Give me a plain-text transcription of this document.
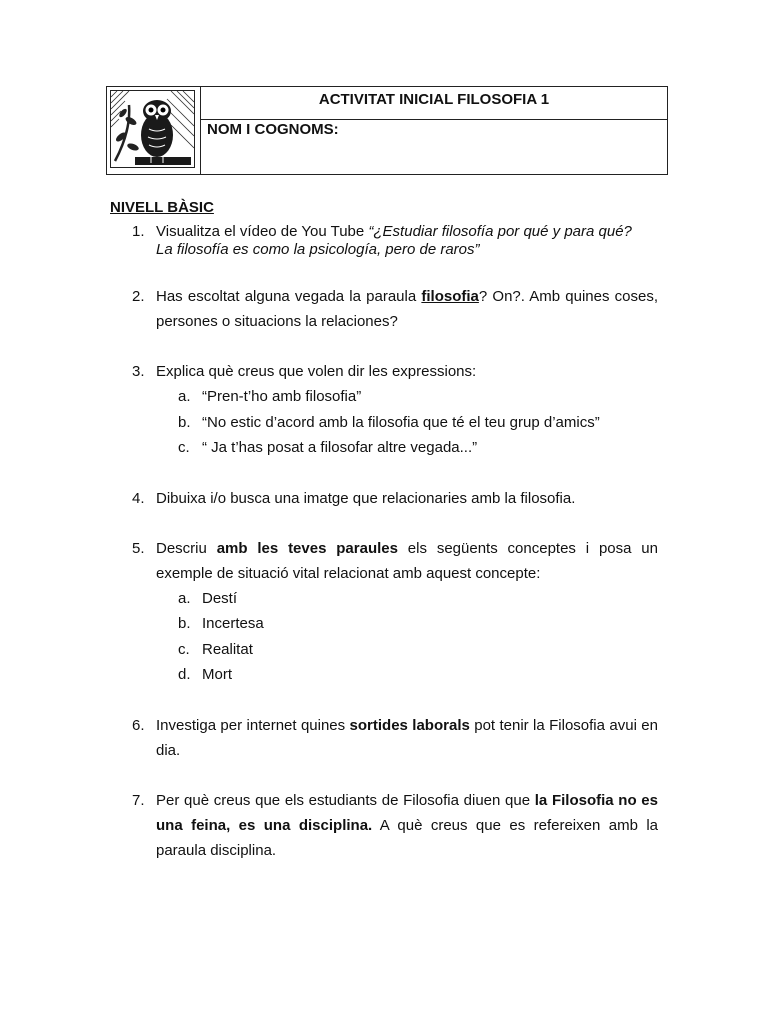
ACTIVITAT INICIAL FILOSOFIA 1
NOM I COGNOMS:

NIVELL BÀSIC

1. Visualitza el vídeo de You Tube “¿Estudiar filosofía por qué y para qué?
La filosofía es como la psicología, pero de raros”
2. Has escoltat alguna vegada la paraula filosofia? On?. Amb quines coses, persones o situacions la relaciones?
3. Explica què creus que volen dir les expressions:
a. “Pren-t’ho amb filosofia”
b. “No estic d’acord amb la filosofia que té el teu grup d’amics”
c. “ Ja t’has posat a filosofar altre vegada...”
4. Dibuixa i/o busca una imatge que relacionaries amb la filosofia.
5. Descriu amb les teves paraules els següents conceptes i posa un exemple de situació vital relacionat amb aquest concepte:
a. Destí
b. Incertesa
c. Realitat
d. Mort
6. Investiga per internet quines sortides laborals pot tenir la Filosofia avui en dia.
7. Per què creus que els estudiants de Filosofia diuen que la Filosofia no es una feina, es una disciplina. A què creus que es refereixen amb la paraula disciplina.
